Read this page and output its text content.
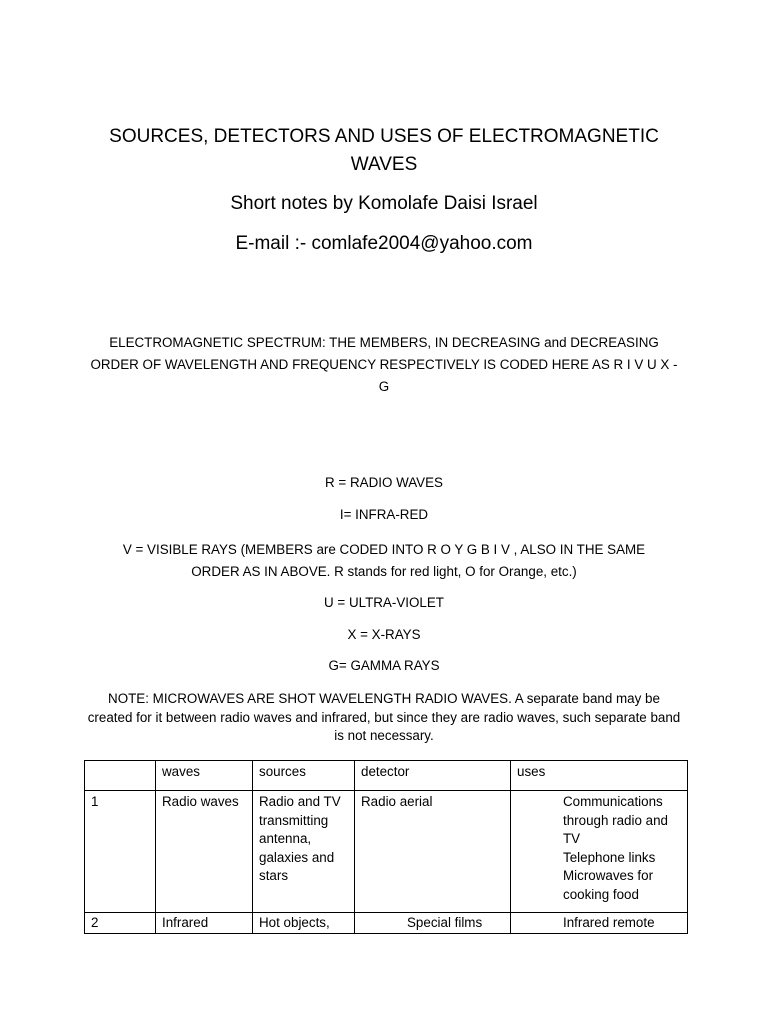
SOURCES, DETECTORS AND USES OF ELECTROMAGNETIC WAVES

Short notes by Komolafe Daisi Israel

E-mail :- comlafe2004@yahoo.com

ELECTROMAGNETIC SPECTRUM: THE MEMBERS, IN DECREASING and DECREASING ORDER OF WAVELENGTH AND FREQUENCY RESPECTIVELY IS CODED HERE AS R I V U X - G

R = RADIO WAVES

I= INFRA-RED

V = VISIBLE RAYS (MEMBERS are CODED INTO R O Y G B I V , ALSO IN THE SAME ORDER AS IN ABOVE. R stands for red light, O for Orange, etc.)

U = ULTRA-VIOLET

X = X-RAYS

G= GAMMA RAYS

NOTE: MICROWAVES ARE SHOT WAVELENGTH RADIO WAVES. A separate band may be created for it between radio waves and infrared, but since they are radio waves, such separate band is not necessary.

	waves	sources	detector	uses
1	Radio waves	Radio and TV transmitting antenna, galaxies and stars	Radio aerial	Communications through radio and TV
Telephone links
Microwaves for cooking food

2	Infrared	Hot objects,	Special films	Infrared remote
